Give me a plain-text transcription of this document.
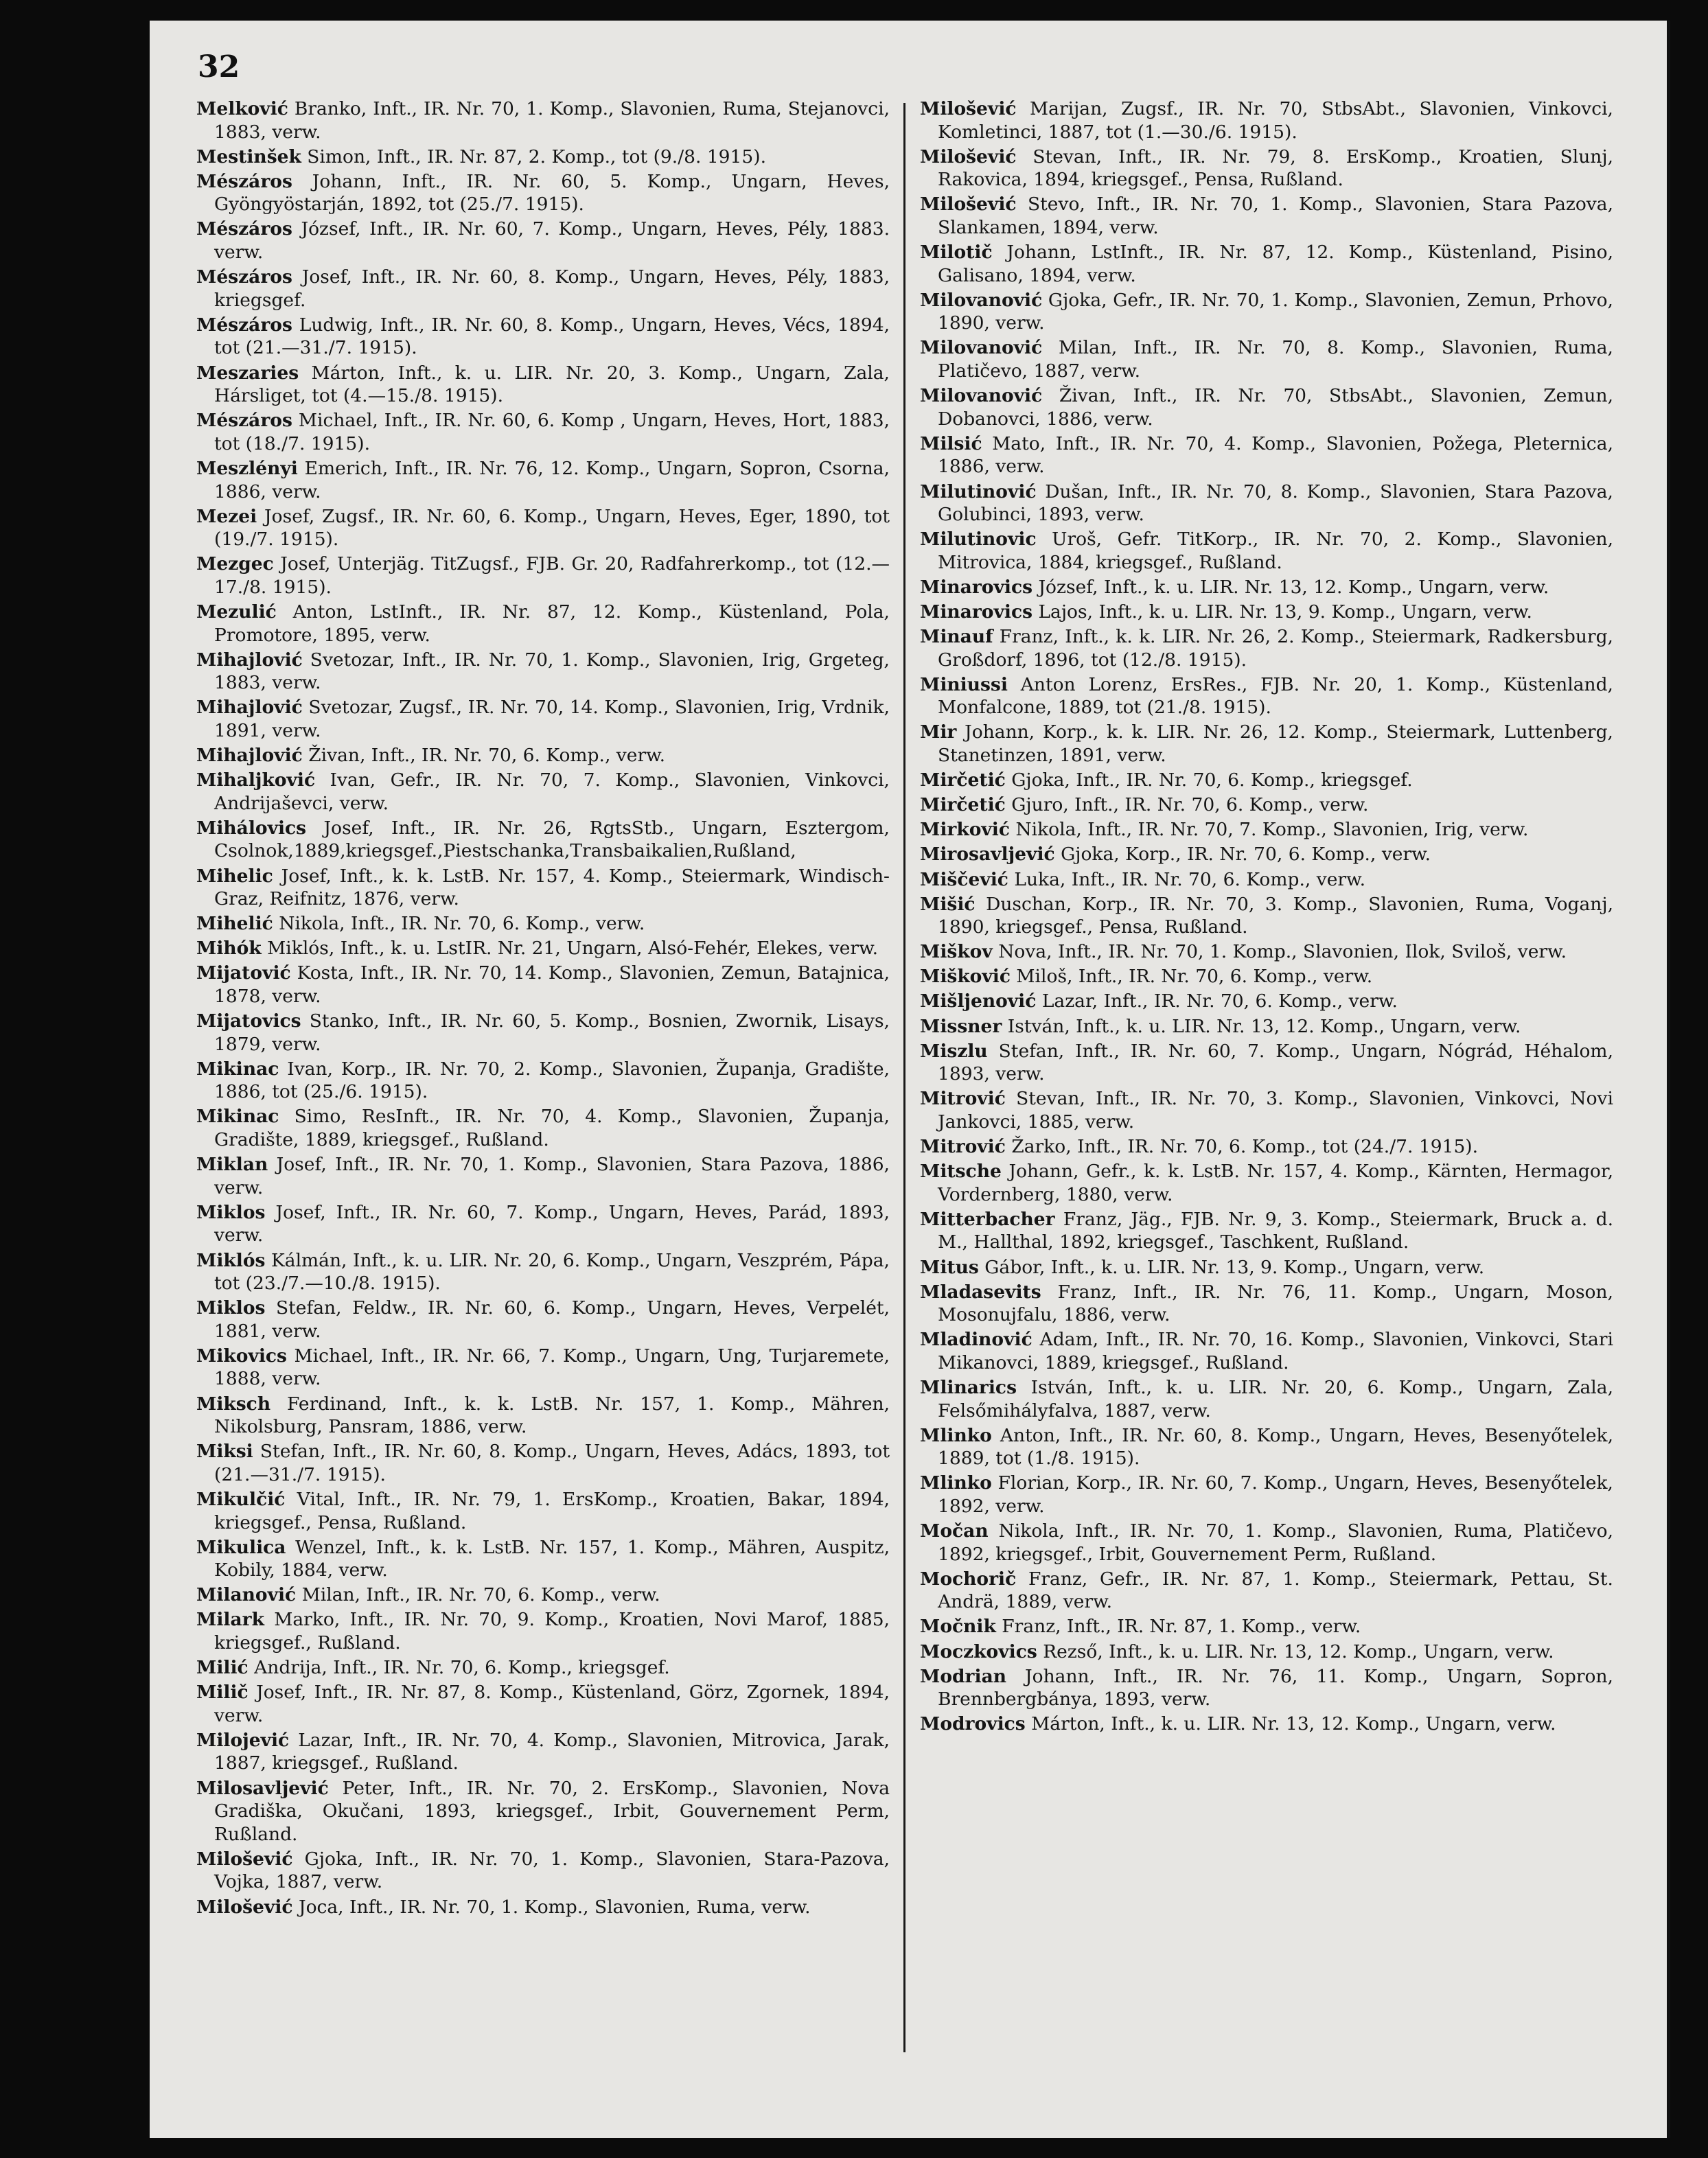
32

Melković Branko, Inft., IR. Nr. 70, 1. Komp., Slavonien, Ruma, Stejanovci, 1883, verw.

Mestinšek Simon, Inft., IR. Nr. 87, 2. Komp., tot (9./8. 1915).

Mészáros Johann, Inft., IR. Nr. 60, 5. Komp., Ungarn, Heves, Gyöngyöstarján, 1892, tot (25./7. 1915).

Mészáros József, Inft., IR. Nr. 60, 7. Komp., Ungarn, Heves, Pély, 1883. verw.

Mészáros Josef, Inft., IR. Nr. 60, 8. Komp., Ungarn, Heves, Pély, 1883, kriegsgef.

Mészáros Ludwig, Inft., IR. Nr. 60, 8. Komp., Ungarn, Heves, Vécs, 1894, tot (21.—31./7. 1915).

Meszaries Márton, Inft., k. u. LIR. Nr. 20, 3. Komp., Ungarn, Zala, Hársliget, tot (4.—15./8. 1915).

Mészáros Michael, Inft., IR. Nr. 60, 6. Komp , Ungarn, Heves, Hort, 1883, tot (18./7. 1915).

Meszlényi Emerich, Inft., IR. Nr. 76, 12. Komp., Ungarn, Sopron, Csorna, 1886, verw.

Mezei Josef, Zugsf., IR. Nr. 60, 6. Komp., Ungarn, Heves, Eger, 1890, tot (19./7. 1915).

Mezgec Josef, Unterjäg. TitZugsf., FJB. Gr. 20, Radfahrerkomp., tot (12.—17./8. 1915).

Mezulić Anton, LstInft., IR. Nr. 87, 12. Komp., Küstenland, Pola, Promotore, 1895, verw.

Mihajlović Svetozar, Inft., IR. Nr. 70, 1. Komp., Slavonien, Irig, Grgeteg, 1883, verw.

Mihajlović Svetozar, Zugsf., IR. Nr. 70, 14. Komp., Slavonien, Irig, Vrdnik, 1891, verw.

Mihajlović Živan, Inft., IR. Nr. 70, 6. Komp., verw.

Mihaljković Ivan, Gefr., IR. Nr. 70, 7. Komp., Slavonien, Vinkovci, Andrijaševci, verw.

Mihálovics Josef, Inft., IR. Nr. 26, RgtsStb., Ungarn, Esztergom, Csolnok,1889,kriegsgef.,Piestschanka,Transbaikalien,Rußland,

Mihelic Josef, Inft., k. k. LstB. Nr. 157, 4. Komp., Steiermark, Windisch-Graz, Reifnitz, 1876, verw.

Mihelić Nikola, Inft., IR. Nr. 70, 6. Komp., verw.

Mihók Miklós, Inft., k. u. LstIR. Nr. 21, Ungarn, Alsó-Fehér, Elekes, verw.

Mijatović Kosta, Inft., IR. Nr. 70, 14. Komp., Slavonien, Zemun, Batajnica, 1878, verw.

Mijatovics Stanko, Inft., IR. Nr. 60, 5. Komp., Bosnien, Zwornik, Lisays, 1879, verw.

Mikinac Ivan, Korp., IR. Nr. 70, 2. Komp., Slavonien, Županja, Gradište, 1886, tot (25./6. 1915).

Mikinac Simo, ResInft., IR. Nr. 70, 4. Komp., Slavonien, Županja, Gradište, 1889, kriegsgef., Rußland.

Miklan Josef, Inft., IR. Nr. 70, 1. Komp., Slavonien, Stara Pazova, 1886, verw.

Miklos Josef, Inft., IR. Nr. 60, 7. Komp., Ungarn, Heves, Parád, 1893, verw.

Miklós Kálmán, Inft., k. u. LIR. Nr. 20, 6. Komp., Ungarn, Veszprém, Pápa, tot (23./7.—10./8. 1915).

Miklos Stefan, Feldw., IR. Nr. 60, 6. Komp., Ungarn, Heves, Verpelét, 1881, verw.

Mikovics Michael, Inft., IR. Nr. 66, 7. Komp., Ungarn, Ung, Turjaremete, 1888, verw.

Miksch Ferdinand, Inft., k. k. LstB. Nr. 157, 1. Komp., Mähren, Nikolsburg, Pansram, 1886, verw.

Miksi Stefan, Inft., IR. Nr. 60, 8. Komp., Ungarn, Heves, Adács, 1893, tot (21.—31./7. 1915).

Mikulčić Vital, Inft., IR. Nr. 79, 1. ErsKomp., Kroatien, Bakar, 1894, kriegsgef., Pensa, Rußland.

Mikulica Wenzel, Inft., k. k. LstB. Nr. 157, 1. Komp., Mähren, Auspitz, Kobily, 1884, verw.

Milanović Milan, Inft., IR. Nr. 70, 6. Komp., verw.

Milark Marko, Inft., IR. Nr. 70, 9. Komp., Kroatien, Novi Marof, 1885, kriegsgef., Rußland.

Milić Andrija, Inft., IR. Nr. 70, 6. Komp., kriegsgef.

Milič Josef, Inft., IR. Nr. 87, 8. Komp., Küstenland, Görz, Zgornek, 1894, verw.

Milojević Lazar, Inft., IR. Nr. 70, 4. Komp., Slavonien, Mitrovica, Jarak, 1887, kriegsgef., Rußland.

Milosavljević Peter, Inft., IR. Nr. 70, 2. ErsKomp., Slavonien, Nova Gradiška, Okučani, 1893, kriegsgef., Irbit, Gouvernement Perm, Rußland.

Milošević Gjoka, Inft., IR. Nr. 70, 1. Komp., Slavonien, Stara-Pazova, Vojka, 1887, verw.

Milošević Joca, Inft., IR. Nr. 70, 1. Komp., Slavonien, Ruma, verw.

Milošević Marijan, Zugsf., IR. Nr. 70, StbsAbt., Slavonien, Vinkovci, Komletinci, 1887, tot (1.—30./6. 1915).

Milošević Stevan, Inft., IR. Nr. 79, 8. ErsKomp., Kroatien, Slunj, Rakovica, 1894, kriegsgef., Pensa, Rußland.

Milošević Stevo, Inft., IR. Nr. 70, 1. Komp., Slavonien, Stara Pazova, Slankamen, 1894, verw.

Milotič Johann, LstInft., IR. Nr. 87, 12. Komp., Küstenland, Pisino, Galisano, 1894, verw.

Milovanović Gjoka, Gefr., IR. Nr. 70, 1. Komp., Slavonien, Zemun, Prhovo, 1890, verw.

Milovanović Milan, Inft., IR. Nr. 70, 8. Komp., Slavonien, Ruma, Platičevo, 1887, verw.

Milovanović Živan, Inft., IR. Nr. 70, StbsAbt., Slavonien, Zemun, Dobanovci, 1886, verw.

Milsić Mato, Inft., IR. Nr. 70, 4. Komp., Slavonien, Požega, Pleternica, 1886, verw.

Milutinović Dušan, Inft., IR. Nr. 70, 8. Komp., Slavonien, Stara Pazova, Golubinci, 1893, verw.

Milutinovic Uroš, Gefr. TitKorp., IR. Nr. 70, 2. Komp., Slavonien, Mitrovica, 1884, kriegsgef., Rußland.

Minarovics József, Inft., k. u. LIR. Nr. 13, 12. Komp., Ungarn, verw.

Minarovics Lajos, Inft., k. u. LIR. Nr. 13, 9. Komp., Ungarn, verw.

Minauf Franz, Inft., k. k. LIR. Nr. 26, 2. Komp., Steiermark, Radkersburg, Großdorf, 1896, tot (12./8. 1915).

Miniussi Anton Lorenz, ErsRes., FJB. Nr. 20, 1. Komp., Küstenland, Monfalcone, 1889, tot (21./8. 1915).

Mir Johann, Korp., k. k. LIR. Nr. 26, 12. Komp., Steiermark, Luttenberg, Stanetinzen, 1891, verw.

Mirčetić Gjoka, Inft., IR. Nr. 70, 6. Komp., kriegsgef.

Mirčetić Gjuro, Inft., IR. Nr. 70, 6. Komp., verw.

Mirković Nikola, Inft., IR. Nr. 70, 7. Komp., Slavonien, Irig, verw.

Mirosavljević Gjoka, Korp., IR. Nr. 70, 6. Komp., verw.

Miščević Luka, Inft., IR. Nr. 70, 6. Komp., verw.

Mišić Duschan, Korp., IR. Nr. 70, 3. Komp., Slavonien, Ruma, Voganj, 1890, kriegsgef., Pensa, Rußland.

Miškov Nova, Inft., IR. Nr. 70, 1. Komp., Slavonien, Ilok, Sviloš, verw.

Mišković Miloš, Inft., IR. Nr. 70, 6. Komp., verw.

Mišljenović Lazar, Inft., IR. Nr. 70, 6. Komp., verw.

Missner István, Inft., k. u. LIR. Nr. 13, 12. Komp., Ungarn, verw.

Miszlu Stefan, Inft., IR. Nr. 60, 7. Komp., Ungarn, Nógrád, Héhalom, 1893, verw.

Mitrović Stevan, Inft., IR. Nr. 70, 3. Komp., Slavonien, Vinkovci, Novi Jankovci, 1885, verw.

Mitrović Žarko, Inft., IR. Nr. 70, 6. Komp., tot (24./7. 1915).

Mitsche Johann, Gefr., k. k. LstB. Nr. 157, 4. Komp., Kärnten, Hermagor, Vordernberg, 1880, verw.

Mitterbacher Franz, Jäg., FJB. Nr. 9, 3. Komp., Steiermark, Bruck a. d. M., Hallthal, 1892, kriegsgef., Taschkent, Rußland.

Mitus Gábor, Inft., k. u. LIR. Nr. 13, 9. Komp., Ungarn, verw.

Mladasevits Franz, Inft., IR. Nr. 76, 11. Komp., Ungarn, Moson, Mosonujfalu, 1886, verw.

Mladinović Adam, Inft., IR. Nr. 70, 16. Komp., Slavonien, Vinkovci, Stari Mikanovci, 1889, kriegsgef., Rußland.

Mlinarics István, Inft., k. u. LIR. Nr. 20, 6. Komp., Ungarn, Zala, Felsőmihályfalva, 1887, verw.

Mlinko Anton, Inft., IR. Nr. 60, 8. Komp., Ungarn, Heves, Besenyőtelek, 1889, tot (1./8. 1915).

Mlinko Florian, Korp., IR. Nr. 60, 7. Komp., Ungarn, Heves, Besenyőtelek, 1892, verw.

Močan Nikola, Inft., IR. Nr. 70, 1. Komp., Slavonien, Ruma, Platičevo, 1892, kriegsgef., Irbit, Gouvernement Perm, Rußland.

Mochorič Franz, Gefr., IR. Nr. 87, 1. Komp., Steiermark, Pettau, St. Andrä, 1889, verw.

Močnik Franz, Inft., IR. Nr. 87, 1. Komp., verw.

Moczkovics Rezső, Inft., k. u. LIR. Nr. 13, 12. Komp., Ungarn, verw.

Modrian Johann, Inft., IR. Nr. 76, 11. Komp., Ungarn, Sopron, Brennbergbánya, 1893, verw.

Modrovics Márton, Inft., k. u. LIR. Nr. 13, 12. Komp., Ungarn, verw.
